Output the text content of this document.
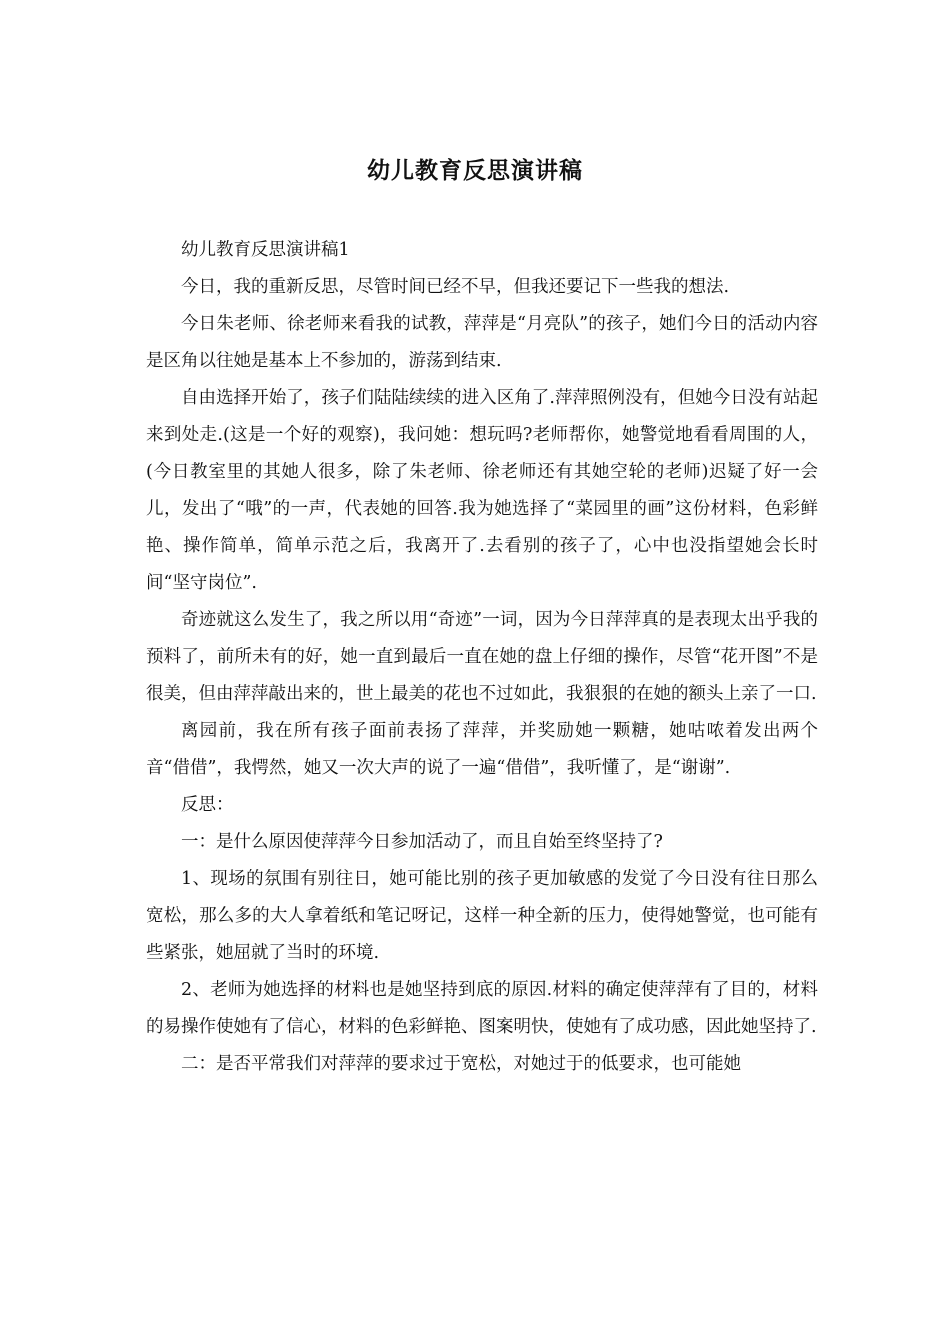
幼儿教育反思演讲稿

幼儿教育反思演讲稿1

今日，我的重新反思，尽管时间已经不早，但我还要记下一些我的想法.

今日朱老师、徐老师来看我的试教，萍萍是“月亮队”的孩子，她们今日的活动内容是区角以往她是基本上不参加的，游荡到结束.

自由选择开始了，孩子们陆陆续续的进入区角了.萍萍照例没有，但她今日没有站起来到处走.(这是一个好的观察)，我问她：想玩吗?老师帮你，她警觉地看看周围的人，(今日教室里的其她人很多，除了朱老师、徐老师还有其她空轮的老师)迟疑了好一会儿，发出了“哦”的一声，代表她的回答.我为她选择了“菜园里的画”这份材料，色彩鲜艳、操作简单，简单示范之后，我离开了.去看别的孩子了，心中也没指望她会长时间“坚守岗位”.

奇迹就这么发生了，我之所以用“奇迹”一词，因为今日萍萍真的是表现太出乎我的预料了，前所未有的好，她一直到最后一直在她的盘上仔细的操作，尽管“花开图”不是很美，但由萍萍敲出来的，世上最美的花也不过如此，我狠狠的在她的额头上亲了一口.

离园前，我在所有孩子面前表扬了萍萍，并奖励她一颗糖，她咕哝着发出两个音“借借”，我愕然，她又一次大声的说了一遍“借借”，我听懂了，是“谢谢”.

反思：

一：是什么原因使萍萍今日参加活动了，而且自始至终坚持了?

1、现场的氛围有别往日，她可能比别的孩子更加敏感的发觉了今日没有往日那么宽松，那么多的大人拿着纸和笔记呀记，这样一种全新的压力，使得她警觉，也可能有些紧张，她屈就了当时的环境.

2、老师为她选择的材料也是她坚持到底的原因.材料的确定使萍萍有了目的，材料的易操作使她有了信心，材料的色彩鲜艳、图案明快，使她有了成功感，因此她坚持了.

二：是否平常我们对萍萍的要求过于宽松，对她过于的低要求，也可能她
